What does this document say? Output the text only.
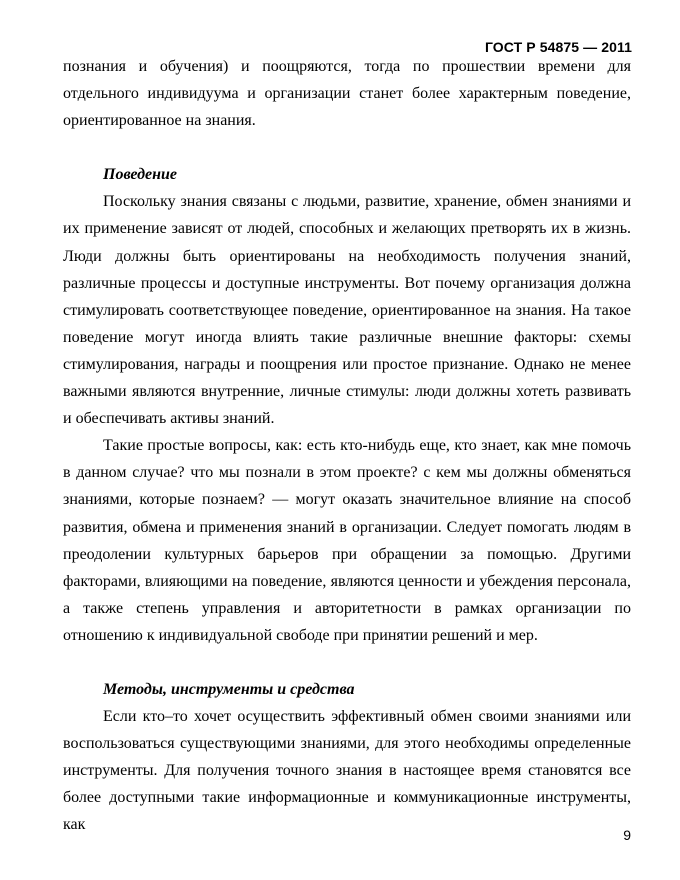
ГОСТ Р 54875 — 2011

познания и обучения) и поощряются, тогда по прошествии времени для отдельного индивидуума и организации станет более характерным поведение, ориентированное на знания.

Поведение

Поскольку знания связаны с людьми, развитие, хранение, обмен знаниями и их применение зависят от людей, способных и желающих претворять их в жизнь. Люди должны быть ориентированы на необходимость получения знаний, различные процессы и доступные инструменты. Вот почему организация должна стимулировать соответствующее поведение, ориентированное на знания. На такое поведение могут иногда влиять такие различные внешние факторы: схемы стимулирования, награды и поощрения или простое признание. Однако не менее важными являются внутренние, личные стимулы: люди должны хотеть развивать и обеспечивать активы знаний.

Такие простые вопросы, как: есть кто-нибудь еще, кто знает, как мне помочь в данном случае? что мы познали в этом проекте? с кем мы должны обменяться знаниями, которые познаем? — могут оказать значительное влияние на способ развития, обмена и применения знаний в организации. Следует помогать людям в преодолении культурных барьеров при обращении за помощью. Другими факторами, влияющими на поведение, являются ценности и убеждения персонала, а также степень управления и авторитетности в рамках организации по отношению к индивидуальной свободе при принятии решений и мер.

Методы, инструменты и средства

Если кто–то хочет осуществить эффективный обмен своими знаниями или воспользоваться существующими знаниями, для этого необходимы определенные инструменты. Для получения точного знания в настоящее время становятся все более доступными такие информационные и коммуникационные инструменты, как

9
